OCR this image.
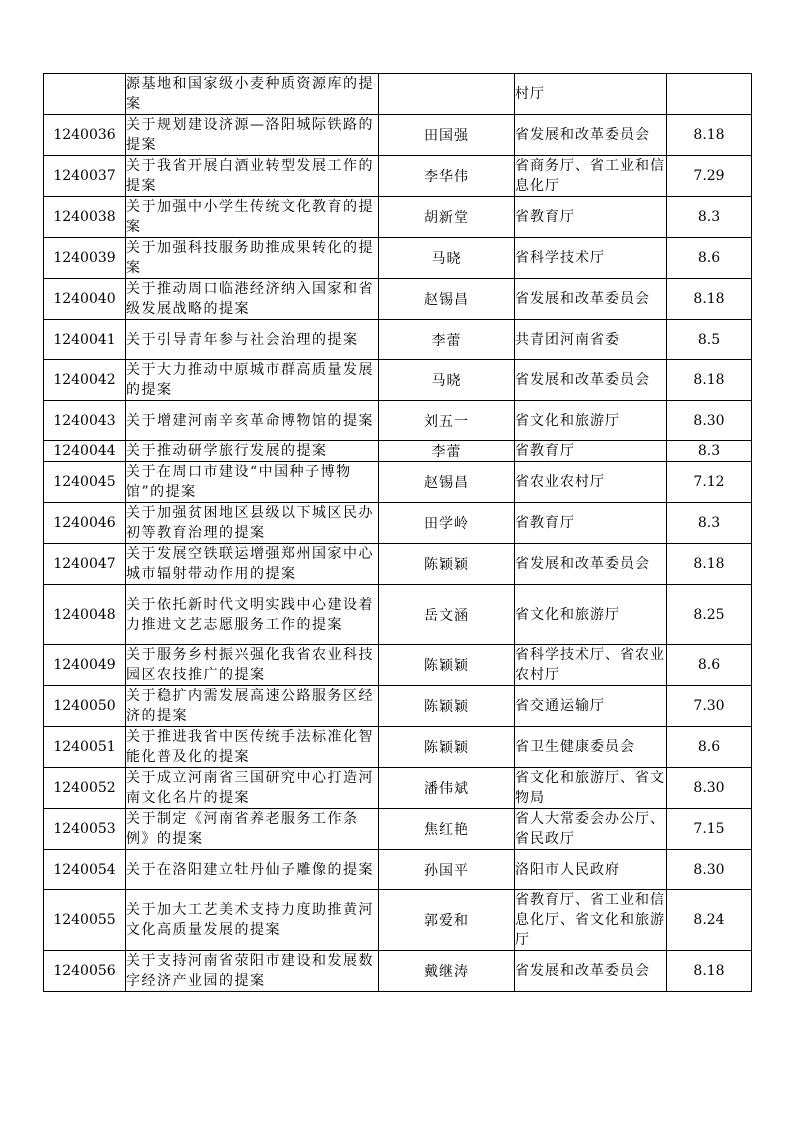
	源基地和国家级小麦种质资源库的提案		村厅	

1240036	关于规划建设济源—洛阳城际铁路的提案	田国强	省发展和改革委员会	8.18

1240037	关于我省开展白酒业转型发展工作的提案	李华伟	省商务厅、省工业和信息化厅	7.29

1240038	关于加强中小学生传统文化教育的提案	胡新堂	省教育厅	8.3

1240039	关于加强科技服务助推成果转化的提案	马晓	省科学技术厅	8.6

1240040	关于推动周口临港经济纳入国家和省级发展战略的提案	赵锡昌	省发展和改革委员会	8.18

1240041	关于引导青年参与社会治理的提案	李蕾	共青团河南省委	8.5

1240042	关于大力推动中原城市群高质量发展的提案	马晓	省发展和改革委员会	8.18

1240043	关于增建河南辛亥革命博物馆的提案	刘五一	省文化和旅游厅	8.30

1240044	关于推动研学旅行发展的提案	李蕾	省教育厅	8.3

1240045	关于在周口市建设“中国种子博物馆”的提案	赵锡昌	省农业农村厅	7.12

1240046	关于加强贫困地区县级以下城区民办初等教育治理的提案	田学岭	省教育厅	8.3

1240047	关于发展空铁联运增强郑州国家中心城市辐射带动作用的提案	陈颖颖	省发展和改革委员会	8.18

1240048	关于依托新时代文明实践中心建设着力推进文艺志愿服务工作的提案	岳文涵	省文化和旅游厅	8.25

1240049	关于服务乡村振兴强化我省农业科技园区农技推广的提案	陈颖颖	省科学技术厅、省农业农村厅	8.6

1240050	关于稳扩内需发展高速公路服务区经济的提案	陈颖颖	省交通运输厅	7.30

1240051	关于推进我省中医传统手法标准化智能化普及化的提案	陈颖颖	省卫生健康委员会	8.6

1240052	关于成立河南省三国研究中心打造河南文化名片的提案	潘伟斌	省文化和旅游厅、省文物局	8.30

1240053	关于制定《河南省养老服务工作条例》的提案	焦红艳	省人大常委会办公厅、省民政厅	7.15

1240054	关于在洛阳建立牡丹仙子雕像的提案	孙国平	洛阳市人民政府	8.30

1240055	关于加大工艺美术支持力度助推黄河文化高质量发展的提案	郭爱和	省教育厅、省工业和信息化厅、省文化和旅游厅	8.24

1240056	关于支持河南省荥阳市建设和发展数字经济产业园的提案	戴继涛	省发展和改革委员会	8.18
